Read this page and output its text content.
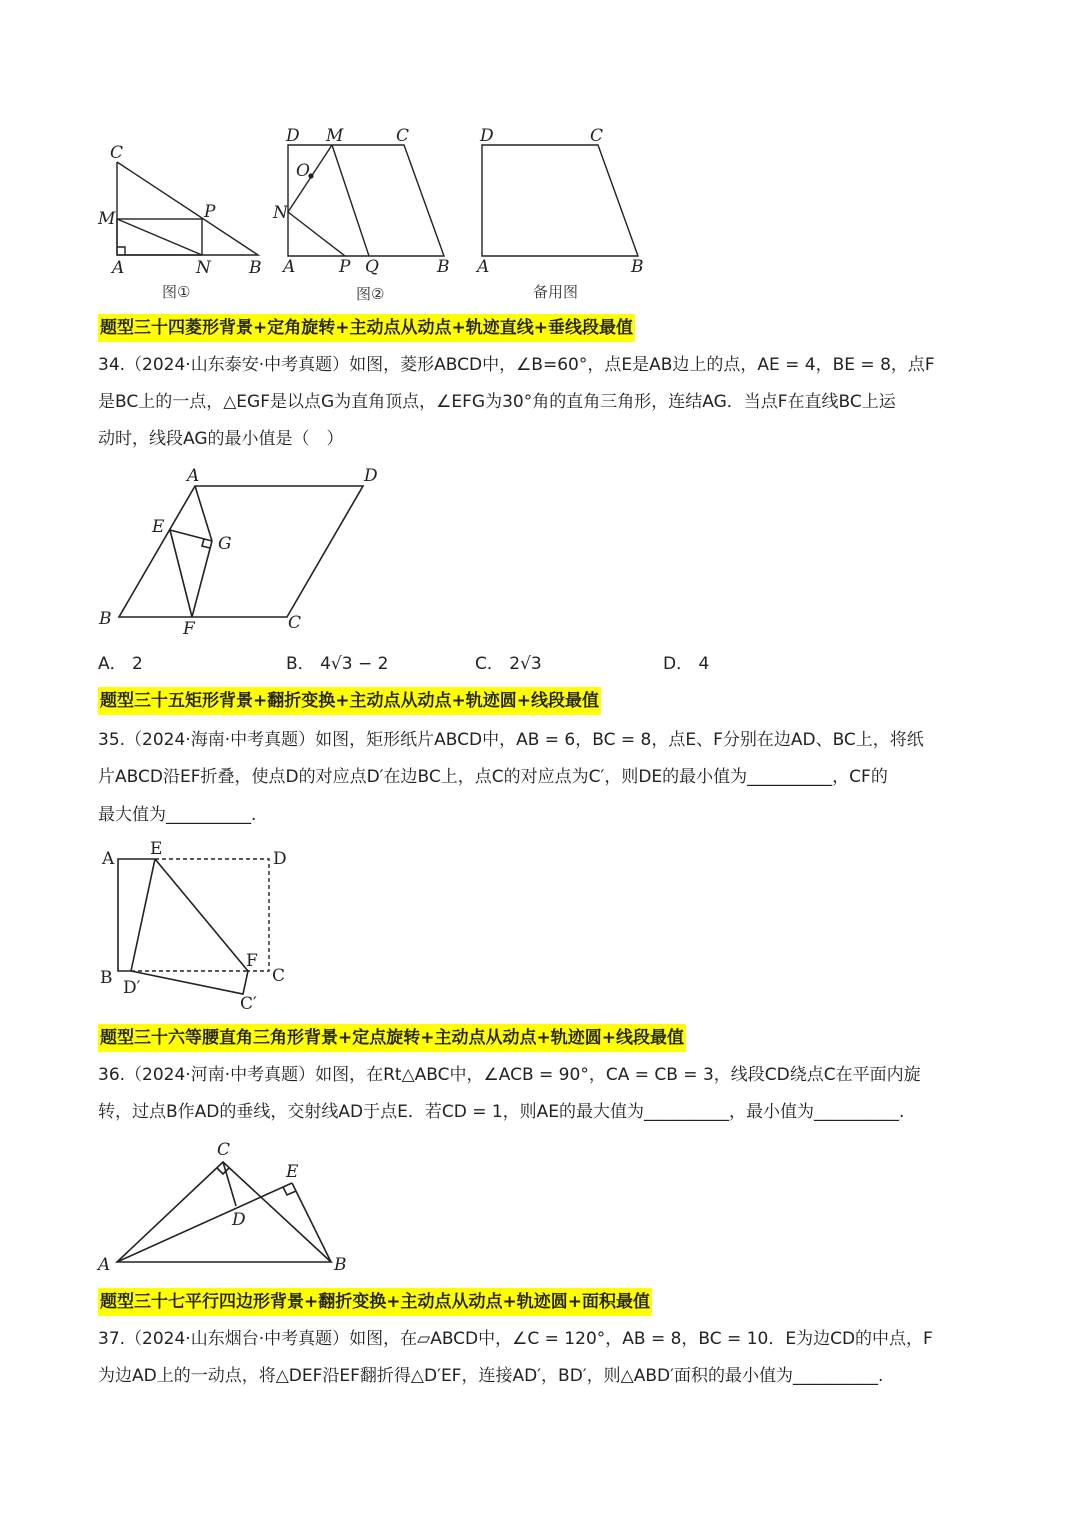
C
M	P
A	N B
图①
D M	C
O
N
A	P Q	B
图②
D	C
A	B
备用图
题型三十四菱形背景+定角旋转+主动点从动点+轨迹直线+垂线段最值
34.（2024·山东泰安·中考真题）如图，菱形ABCD中，∠B=60°，点E是AB边上的点，AE = 4，BE = 8，点F
是BC上的一点，△EGF是以点G为直角顶点，∠EFG为30°角的直角三角形，连结AG．当点F在直线BC上运
动时，线段AG的最小值是（　）
A	D
E
G
B	F	C
A． 2	B． 4√3 − 2	C． 2√3	D． 4
题型三十五矩形背景+翻折变换+主动点从动点+轨迹圆+线段最值
35.（2024·海南·中考真题）如图，矩形纸片ABCD中，AB = 6，BC = 8，点E、F分别在边AD、BC上，将纸
片ABCD沿EF折叠，使点D的对应点D′在边BC上，点C的对应点为C′，则DE的最小值为__________，CF的
最大值为__________.
A E	D
F
B D′
C
C′
题型三十六等腰直角三角形背景+定点旋转+主动点从动点+轨迹圆+线段最值
36.（2024·河南·中考真题）如图，在Rt△ABC中，∠ACB = 90°，CA = CB = 3，线段CD绕点C在平面内旋
转，过点B作AD的垂线，交射线AD于点E．若CD = 1，则AE的最大值为__________，最小值为__________.
C
E
D
A	B
题型三十七平行四边形背景+翻折变换+主动点从动点+轨迹圆+面积最值
37.（2024·山东烟台·中考真题）如图，在▱ABCD中，∠C = 120°，AB = 8，BC = 10．E为边CD的中点，F
为边AD上的一动点，将△DEF沿EF翻折得△D′EF，连接AD′，BD′，则△ABD′面积的最小值为__________.
